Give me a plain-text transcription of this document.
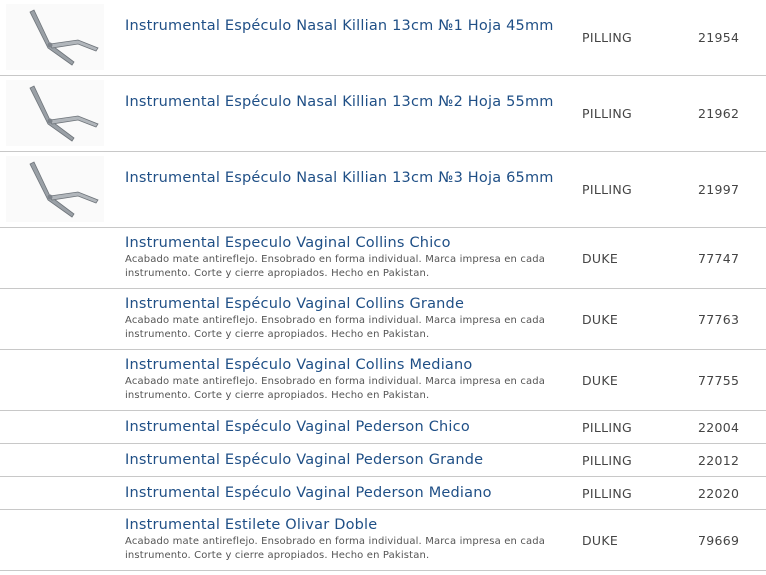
Instrumental Espéculo Nasal Killian 13cm №1 Hoja 45mm
PILLING	21954
Instrumental Espéculo Nasal Killian 13cm №2 Hoja 55mm
PILLING	21962
Instrumental Espéculo Nasal Killian 13cm №3 Hoja 65mm
PILLING	21997
Instrumental Especulo Vaginal Collins Chico
Acabado mate antireflejo. Ensobrado en forma individual. Marca impresa en cada instrumento. Corte y cierre apropiados. Hecho en Pakistan.
DUKE	77747
Instrumental Espéculo Vaginal Collins Grande
Acabado mate antireflejo. Ensobrado en forma individual. Marca impresa en cada instrumento. Corte y cierre apropiados. Hecho en Pakistan.
DUKE	77763
Instrumental Espéculo Vaginal Collins Mediano
Acabado mate antireflejo. Ensobrado en forma individual. Marca impresa en cada instrumento. Corte y cierre apropiados. Hecho en Pakistan.
DUKE	77755
Instrumental Espéculo Vaginal Pederson Chico	PILLING	22004
Instrumental Espéculo Vaginal Pederson Grande	PILLING	22012
Instrumental Espéculo Vaginal Pederson Mediano	PILLING	22020
Instrumental Estilete Olivar Doble
Acabado mate antireflejo. Ensobrado en forma individual. Marca impresa en cada instrumento. Corte y cierre apropiados. Hecho en Pakistan.
DUKE	79669
